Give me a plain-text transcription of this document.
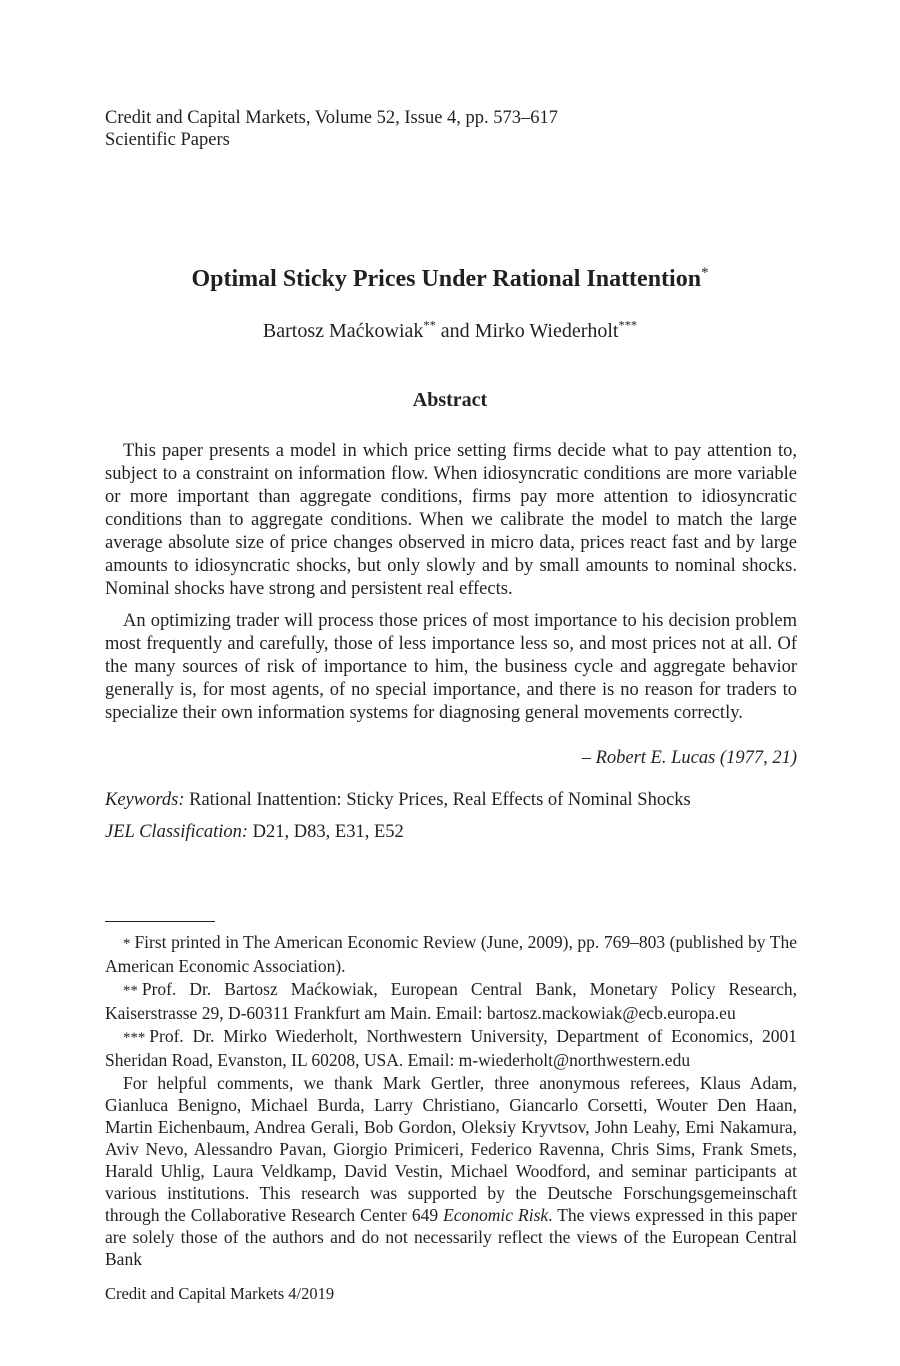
Credit and Capital Markets, Volume 52, Issue 4, pp. 573–617
Scientific Papers
Optimal Sticky Prices Under Rational Inattention*
Bartosz Maćkowiak** and Mirko Wiederholt***
Abstract

This paper presents a model in which price setting firms decide what to pay attention to, subject to a constraint on information flow. When idiosyncratic conditions are more variable or more important than aggregate conditions, firms pay more attention to idiosyncratic conditions than to aggregate conditions. When we calibrate the model to match the large average absolute size of price changes observed in micro data, prices react fast and by large amounts to idiosyncratic shocks, but only slowly and by small amounts to nominal shocks. Nominal shocks have strong and persistent real effects.

An optimizing trader will process those prices of most importance to his decision problem most frequently and carefully, those of less importance less so, and most prices not at all. Of the many sources of risk of importance to him, the business cycle and aggregate behavior generally is, for most agents, of no special importance, and there is no reason for traders to specialize their own information systems for diagnosing general movements correctly.

– Robert E. Lucas (1977, 21)
Keywords: Rational Inattention: Sticky Prices, Real Effects of Nominal Shocks
JEL Classification: D21, D83, E31, E52

* First printed in The American Economic Review (June, 2009), pp. 769–803 (published by The American Economic Association).

** Prof. Dr. Bartosz Maćkowiak, European Central Bank, Monetary Policy Research, Kaiserstrasse 29, D-60311 Frankfurt am Main. Email: bartosz.mackowiak@ecb.europa.eu

*** Prof. Dr. Mirko Wiederholt, Northwestern University, Department of Economics, 2001 Sheridan Road, Evanston, IL 60208, USA. Email: m-wiederholt@northwestern.edu

For helpful comments, we thank Mark Gertler, three anonymous referees, Klaus Adam, Gianluca Benigno, Michael Burda, Larry Christiano, Giancarlo Corsetti, Wouter Den Haan, Martin Eichenbaum, Andrea Gerali, Bob Gordon, Oleksiy Kryvtsov, John Leahy, Emi Nakamura, Aviv Nevo, Alessandro Pavan, Giorgio Primiceri, Federico Ravenna, Chris Sims, Frank Smets, Harald Uhlig, Laura Veldkamp, David Vestin, Michael Woodford, and seminar participants at various institutions. This research was supported by the Deutsche Forschungsgemeinschaft through the Collaborative Research Center 649 Economic Risk. The views expressed in this paper are solely those of the authors and do not necessarily reflect the views of the European Central Bank

Credit and Capital Markets 4/2019
